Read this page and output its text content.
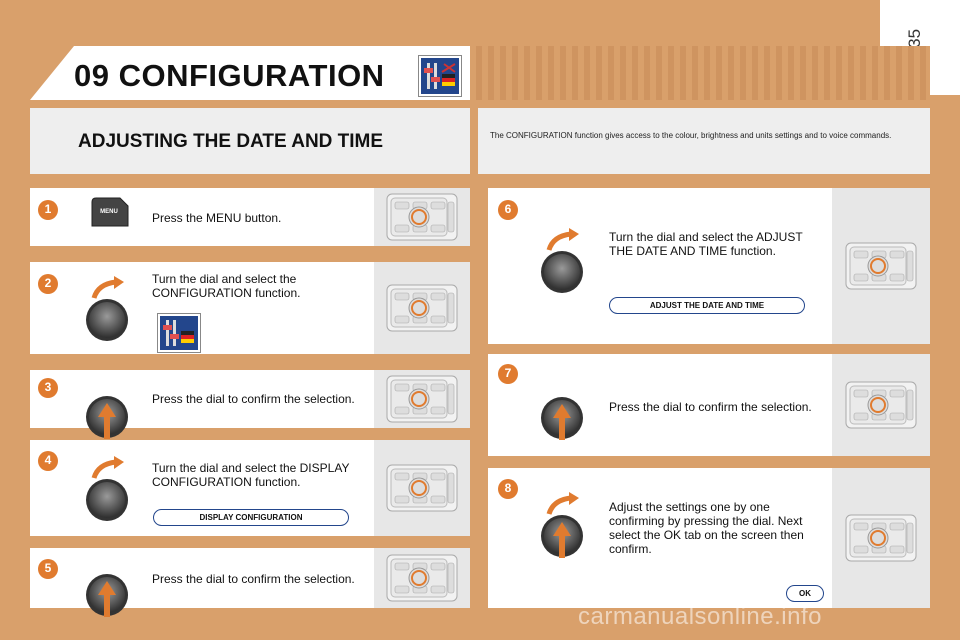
09 CONFIGURATION
ADJUSTING THE DATE AND TIME	The CONFIGURATION function gives access to the colour, brightness and units settings and to voice commands.
1	MENU	Press the MENU button.
2	Turn the dial and select the CONFIGURATION function.
3
Press the dial to confirm the selection.
4
Turn the dial and select the DISPLAY CONFIGURATION function.
DISPLAY CONFIGURATION
5
Press the dial to confirm the selection.
6
Turn the dial and select the ADJUST THE DATE AND TIME function.
ADJUST THE DATE AND TIME
7
Press the dial to confirm the selection.
8
Adjust the settings one by one confirming by pressing the dial. Next select the OK tab on the screen then confirm.
OK
carmanualsonline.info
